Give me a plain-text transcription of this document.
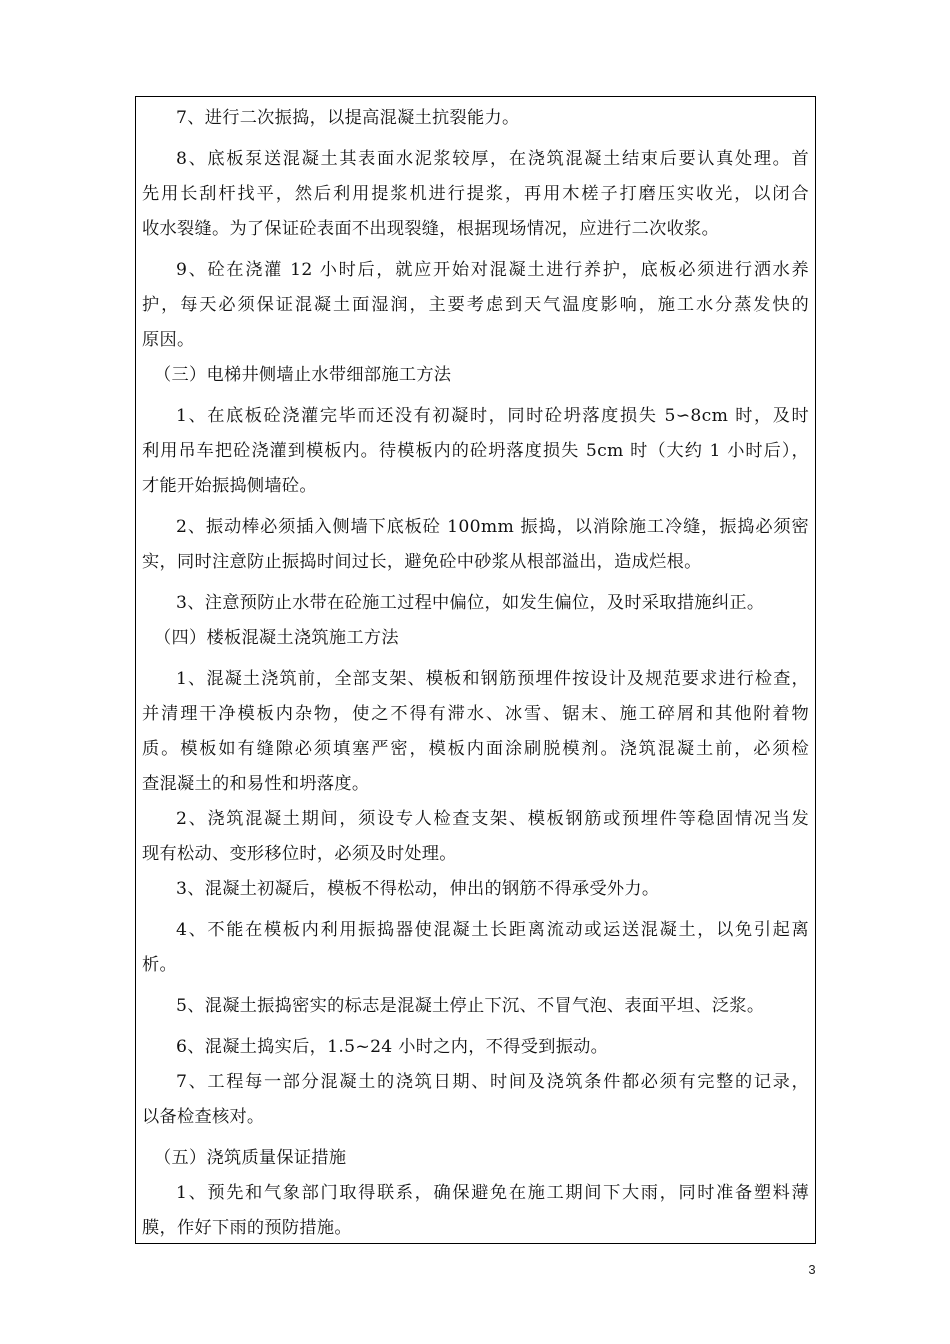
7、进行二次振捣，以提高混凝土抗裂能力。
8、底板泵送混凝土其表面水泥浆较厚，在浇筑混凝土结束后要认真处理。首
先用长刮杆找平，然后利用提浆机进行提浆，再用木槎子打磨压实收光，以闭合
收水裂缝。为了保证砼表面不出现裂缝，根据现场情况，应进行二次收浆。
9、砼在浇灌 12 小时后，就应开始对混凝土进行养护，底板必须进行洒水养
护，每天必须保证混凝土面湿润，主要考虑到天气温度影响，施工水分蒸发快的
原因。
（三）电梯井侧墙止水带细部施工方法
1、在底板砼浇灌完毕而还没有初凝时，同时砼坍落度损失 5∽8cm 时，及时
利用吊车把砼浇灌到模板内。待模板内的砼坍落度损失 5cm 时（大约 1 小时后），
才能开始振捣侧墙砼。
2、振动棒必须插入侧墙下底板砼 100mm 振捣，以消除施工冷缝，振捣必须密
实，同时注意防止振捣时间过长，避免砼中砂浆从根部溢出，造成烂根。
3、注意预防止水带在砼施工过程中偏位，如发生偏位，及时采取措施纠正。
（四）楼板混凝土浇筑施工方法
1、混凝土浇筑前，全部支架、模板和钢筋预埋件按设计及规范要求进行检查，
并清理干净模板内杂物，使之不得有滞水、冰雪、锯末、施工碎屑和其他附着物
质。模板如有缝隙必须填塞严密，模板内面涂刷脱模剂。浇筑混凝土前，必须检
查混凝土的和易性和坍落度。
2、浇筑混凝土期间，须设专人检查支架、模板钢筋或预埋件等稳固情况当发
现有松动、变形移位时，必须及时处理。
3、混凝土初凝后，模板不得松动，伸出的钢筋不得承受外力。
4、不能在模板内利用振捣器使混凝土长距离流动或运送混凝土，以免引起离
析。
5、混凝土振捣密实的标志是混凝土停止下沉、不冒气泡、表面平坦、泛浆。
6、混凝土捣实后，1.5~24 小时之内，不得受到振动。
7、工程每一部分混凝土的浇筑日期、时间及浇筑条件都必须有完整的记录，
以备检查核对。
（五）浇筑质量保证措施
1、预先和气象部门取得联系，确保避免在施工期间下大雨，同时准备塑料薄
膜，作好下雨的预防措施。
3
